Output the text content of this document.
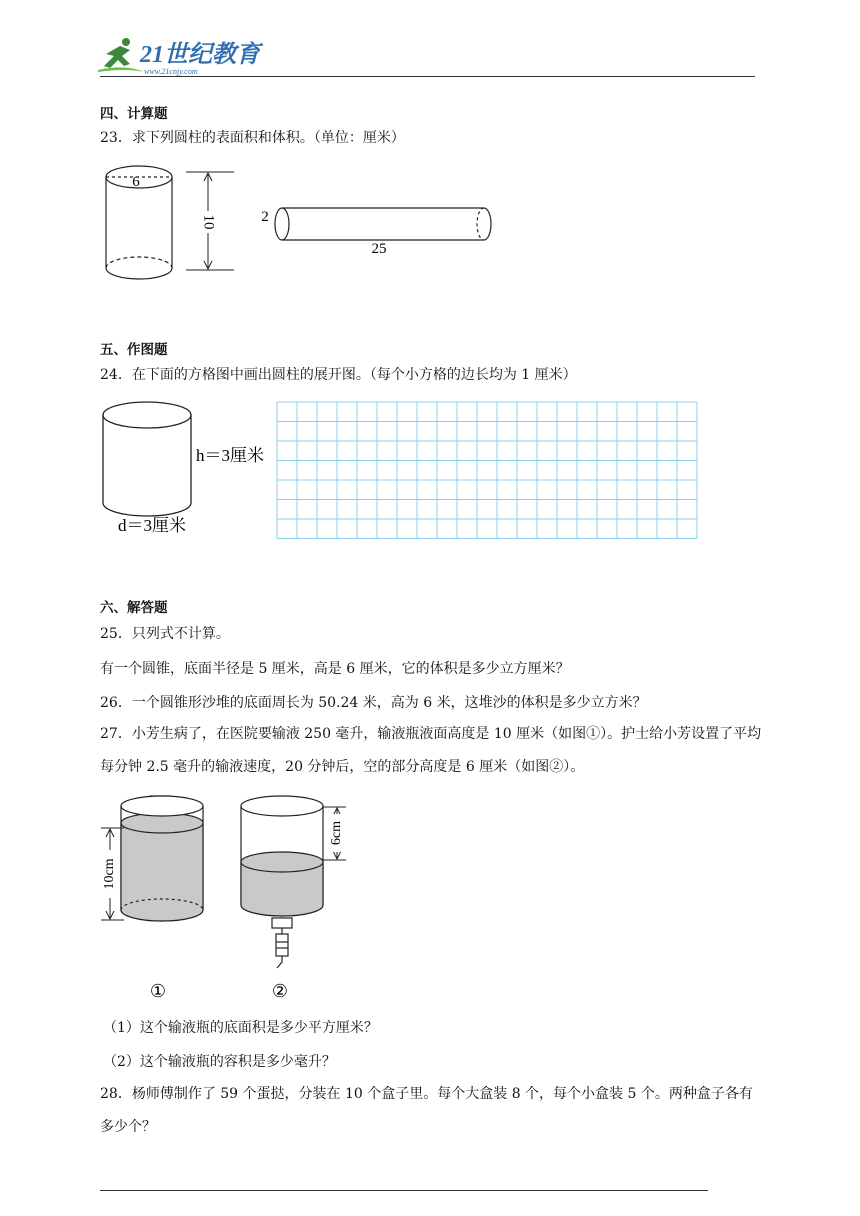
21世纪教育
www.21cnjy.com
四、计算题
23．求下列圆柱的表面积和体积。（单位：厘米）
6
10	2
25
五、作图题
24．在下面的方格图中画出圆柱的展开图。（每个小方格的边长均为 1 厘米）
h＝3厘米
d＝3厘米
六、解答题
25．只列式不计算。
有一个圆锥，底面半径是 5 厘米，高是 6 厘米，它的体积是多少立方厘米？
26．一个圆锥形沙堆的底面周长为 50.24 米，高为 6 米，这堆沙的体积是多少立方米？
27．小芳生病了，在医院要输液 250 毫升，输液瓶液面高度是 10 厘米（如图①）。护士给小芳设置了平均每分钟 2.5 毫升的输液速度，20 分钟后，空的部分高度是 6 厘米（如图②）。
10cm
①
6cm
②
（1）这个输液瓶的底面积是多少平方厘米？
（2）这个输液瓶的容积是多少毫升？
28．杨师傅制作了 59 个蛋挞，分装在 10 个盒子里。每个大盒装 8 个，每个小盒装 5 个。两种盒子各有多少个？
